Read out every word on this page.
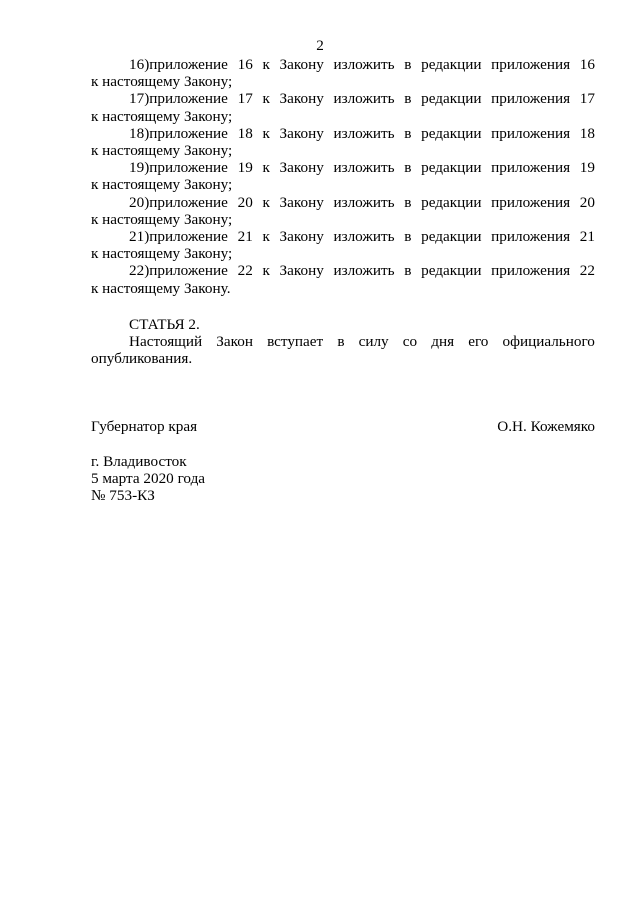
2
16)приложение 16 к Закону изложить в редакции приложения 16
к настоящему Закону;
17)приложение 17 к Закону изложить в редакции приложения 17
к настоящему Закону;
18)приложение 18 к Закону изложить в редакции приложения 18
к настоящему Закону;
19)приложение 19 к Закону изложить в редакции приложения 19
к настоящему Закону;
20)приложение 20 к Закону изложить в редакции приложения 20
к настоящему Закону;
21)приложение 21 к Закону изложить в редакции приложения 21
к настоящему Закону;
22)приложение 22 к Закону изложить в редакции приложения 22
к настоящему Закону.
СТАТЬЯ 2.
Настоящий Закон вступает в силу со дня его официального
опубликования.
Губернатор края	О.Н. Кожемяко
г. Владивосток
5 марта 2020 года
№ 753-КЗ
